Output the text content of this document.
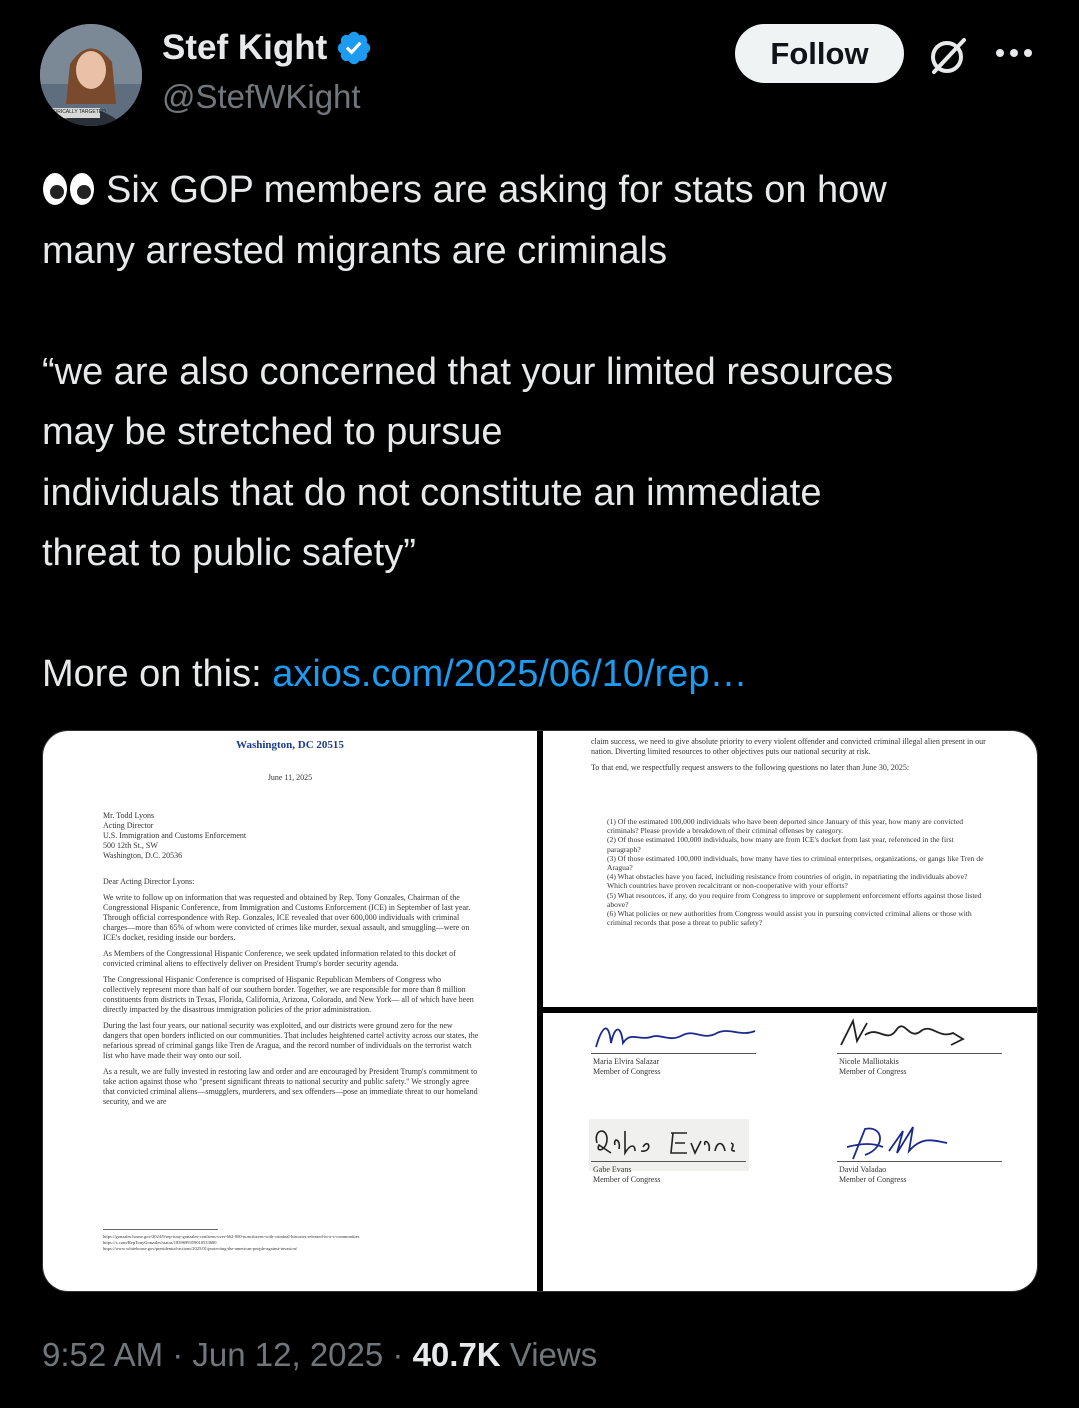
HISTORICALLY TARGETED
Stef Kight
@StefWKight
Follow

Six GOP members are asking for stats on how
many arrested migrants are criminals

“we are also concerned that your limited resources
may be stretched to pursue
individuals that do not constitute an immediate
threat to public safety”

More on this: axios.com/2025/06/10/rep…

Washington, DC 20515
June 11, 2025
Mr. Todd Lyons
Acting Director
U.S. Immigration and Customs Enforcement
500 12th St., SW
Washington, D.C. 20536

Dear Acting Director Lyons:

We write to follow up on information that was requested and obtained by Rep. Tony Gonzales, Chairman of the Congressional Hispanic Conference, from Immigration and Customs Enforcement (ICE) in September of last year. Through official correspondence with Rep. Gonzales, ICE revealed that over 600,000 individuals with criminal charges—more than 65% of whom were convicted of crimes like murder, sexual assault, and smuggling—were on ICE's docket, residing inside our borders.

As Members of the Congressional Hispanic Conference, we seek updated information related to this docket of convicted criminal aliens to effectively deliver on President Trump's border security agenda.

The Congressional Hispanic Conference is comprised of Hispanic Republican Members of Congress who collectively represent more than half of our southern border. Together, we are responsible for more than 8 million constituents from districts in Texas, Florida, California, Arizona, Colorado, and New York— all of which have been directly impacted by the disastrous immigration policies of the prior administration.

During the last four years, our national security was exploited, and our districts were ground zero for the new dangers that open borders inflicted on our communities. That includes heightened cartel activity across our states, the nefarious spread of criminal gangs like Tren de Aragua, and the record number of individuals on the terrorist watch list who have made their way onto our soil.

As a result, we are fully invested in restoring law and order and are encouraged by President Trump's commitment to take action against those who "present significant threats to national security and public safety." We strongly agree that convicted criminal aliens—smugglers, murderers, and sex offenders—pose an immediate threat to our homeland security, and we are

https://gonzales.house.gov/2024/9/rep-tony-gonzales-confirms-over-662-000-noncitizens-with-criminal-histories-released-in-u-s-communities
https://x.com/RepTonyGonzales/status/1839699359010533680
https://www.whitehouse.gov/presidential-actions/2025/01/protecting-the-american-people-against-invasion/

claim success, we need to give absolute priority to every violent offender and convicted criminal illegal alien present in our nation. Diverting limited resources to other objectives puts our national security at risk.

To that end, we respectfully request answers to the following questions no later than June 30, 2025:

(1) Of the estimated 100,000 individuals who have been deported since January of this year, how many are convicted criminals? Please provide a breakdown of their criminal offenses by category.
(2) Of those estimated 100,000 individuals, how many are from ICE's docket from last year, referenced in the first paragraph?
(3) Of those estimated 100,000 individuals, how many have ties to criminal enterprises, organizations, or gangs like Tren de Aragua?
(4) What obstacles have you faced, including resistance from countries of origin, in repatriating the individuals above? Which countries have proven recalcitrant or non-cooperative with your efforts?
(5) What resources, if any, do you require from Congress to improve or supplement enforcement efforts against those listed above?
(6) What policies or new authorities from Congress would assist you in pursuing convicted criminal aliens or those with criminal records that pose a threat to public safety?
Maria Elvira Salazar
Member of Congress
Nicole Malliotakis
Member of Congress
Gabe Evans
Member of Congress
David Valadao
Member of Congress
9:52 AM · Jun 12, 2025 · 40.7K Views
